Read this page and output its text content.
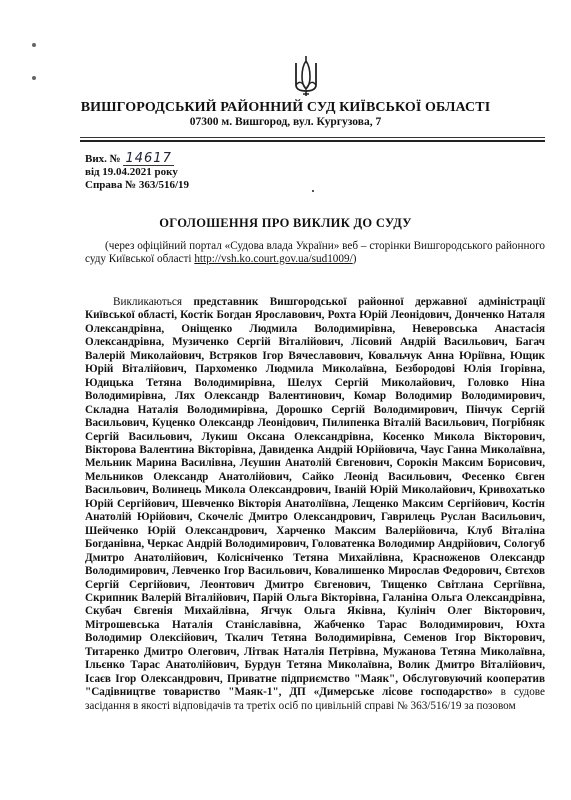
ВИШГОРОДСЬКИЙ РАЙОННИЙ СУД КИЇВСЬКОЇ ОБЛАСТІ
07300 м. Вишгород, вул. Кургузова, 7
Вих. № 14617
від 19.04.2021 року
Справа № 363/516/19
ОГОЛОШЕННЯ ПРО ВИКЛИК ДО СУДУ
(через офіційний портал «Судова влада України» веб – сторінки Вишгородського районного суду Київської області http://vsh.ko.court.gov.ua/sud1009/)
Викликаються представник Вишгородської районної державної адміністрації Київської області, Костік Богдан Ярославович, Рохта Юрій Леонідович, Донченко Наталя Олександрівна, Оніщенко Людмила Володимирівна, Неверовська Анастасія Олександрівна, Музиченко Сергій Віталійович, Лісовий Андрій Васильович, Багач Валерій Миколайович, Встряков Ігор Вячеславович, Ковальчук Анна Юріївна, Ющик Юрій Віталійович, Пархоменко Людмила Миколаївна, Безбородові Юлія Ігорівна, Юдицька Тетяна Володимирівна, Шелух Сергій Миколайович, Головко Ніна Володимирівна, Лях Олександр Валентинович, Комар Володимир Володимирович, Складна Наталія Володимирівна, Дорошко Сергій Володимирович, Пінчук Сергій Васильович, Куценко Олександр Леонідович, Пилипенка Віталій Васильович, Погрібняк Сергій Васильович, Лукиш Оксана Олександрівна, Косенко Микола Вікторович, Вікторова Валентина Вікторівна, Давиденка Андрій Юрійовича, Чаус Ганна Миколаївна, Мельник Марина Василівна, Лєушин Анатолій Євгенович, Сорокін Максим Борисович, Мельников Олександр Анатолійович, Сайко Леонід Васильович, Фесенко Євген Васильович, Волинець Микола Олександрович, Іваній Юрій Миколайович, Кривохатько Юрій Сергійович, Шевченко Вікторія Анатоліївна, Лещенко Максим Сергійович, Костін Анатолій Юрійович, Скочеліс Дмитро Олександрович, Гаврилець Руслан Васильович, Шейченко Юрій Олександрович, Харченко Максим Валерійовича, Клуб Віталіна Богданівна, Черкас Андрій Володимирович, Головатенка Володимир Андрійович, Сологуб Дмитро Анатолійович, Колісніченко Тетяна Михайлівна, Красноженов Олександр Володимирович, Левченко Ігор Васильович, Ковалишенко Мирослав Федорович, Євтєхов Сергій Сергійович, Леонтович Дмитро Євгенович, Тищенко Світлана Сергіївна, Скрипник Валерій Віталійович, Парій Ольга Вікторівна, Галаніна Ольга Олександрівна, Скубач Євгенія Михайлівна, Ягчук Ольга Яківна, Кулініч Олег Вікторович, Мітрошевська Наталія Станіславівна, Жабченко Тарас Володимирович, Юхта Володимир Олексійович, Ткалич Тетяна Володимирівна, Семенов Ігор Вікторович, Титаренко Дмитро Олегович, Літвак Наталія Петрівна, Мужанова Тетяна Миколаївна, Ільєнко Тарас Анатолійович, Бурдун Тетяна Миколаївна, Волик Дмитро Віталійович, Ісаєв Ігор Олександрович, Приватне підприємство "Маяк", Обслуговуючий кооператив "Садівництве товариство "Маяк-1", ДП «Димерське лісове господарство» в судове засідання в якості відповідачів та третіх осіб по цивільній справі № 363/516/19 за позовом
